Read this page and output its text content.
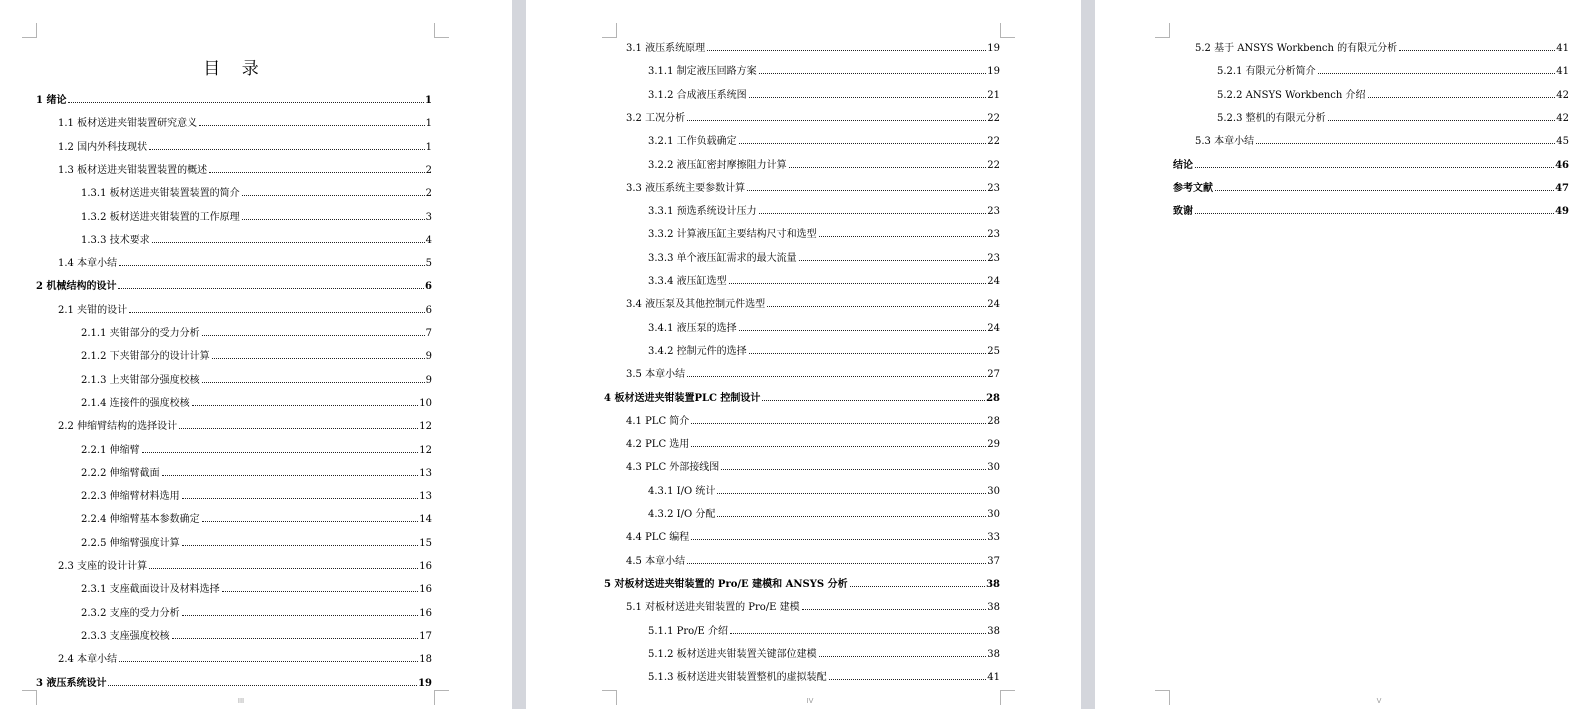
目 录
1 绪论	1
1.1 板材送进夹钳装置研究意义	1
1.2 国内外科技现状	1
1.3 板材送进夹钳装置装置的概述	2
1.3.1 板材送进夹钳装置装置的简介	2
1.3.2 板材送进夹钳装置的工作原理	3
1.3.3 技术要求	4
1.4 本章小结	5
2 机械结构的设计	6
2.1 夹钳的设计	6
2.1.1 夹钳部分的受力分析	7
2.1.2 下夹钳部分的设计计算	9
2.1.3 上夹钳部分强度校核	9
2.1.4 连接件的强度校核	10
2.2 伸缩臂结构的选择设计	12
2.2.1 伸缩臂	12
2.2.2 伸缩臂截面	13
2.2.3 伸缩臂材料选用	13
2.2.4 伸缩臂基本参数确定	14
2.2.5 伸缩臂强度计算	15
2.3 支座的设计计算	16
2.3.1 支座截面设计及材料选择	16
2.3.2 支座的受力分析	16
2.3.3 支座强度校核	17
2.4 本章小结	18
3 液压系统设计	19
III
3.1 液压系统原理	19
3.1.1 制定液压回路方案	19
3.1.2 合成液压系统图	21
3.2 工况分析	22
3.2.1 工作负载确定	22
3.2.2 液压缸密封摩擦阻力计算	22
3.3 液压系统主要参数计算	23
3.3.1 预选系统设计压力	23
3.3.2 计算液压缸主要结构尺寸和选型	23
3.3.3 单个液压缸需求的最大流量	23
3.3.4 液压缸选型	24
3.4 液压泵及其他控制元件选型	24
3.4.1 液压泵的选择	24
3.4.2 控制元件的选择	25
3.5 本章小结	27
4 板材送进夹钳装置PLC 控制设计	28
4.1 PLC 简介	28
4.2 PLC 选用	29
4.3 PLC 外部接线图	30
4.3.1 I/O 统计	30
4.3.2 I/O 分配	30
4.4 PLC 编程	33
4.5 本章小结	37
5 对板材送进夹钳装置的 Pro/E 建模和 ANSYS 分析	38
5.1 对板材送进夹钳装置的 Pro/E 建模	38
5.1.1 Pro/E 介绍	38
5.1.2 板材送进夹钳装置关键部位建模	38
5.1.3 板材送进夹钳装置整机的虚拟装配	41
IV
5.2 基于 ANSYS Workbench 的有限元分析	41
5.2.1 有限元分析简介	41
5.2.2 ANSYS Workbench 介绍	42
5.2.3 整机的有限元分析	42
5.3 本章小结	45
结论	46
参考文献	47
致谢	49
V
